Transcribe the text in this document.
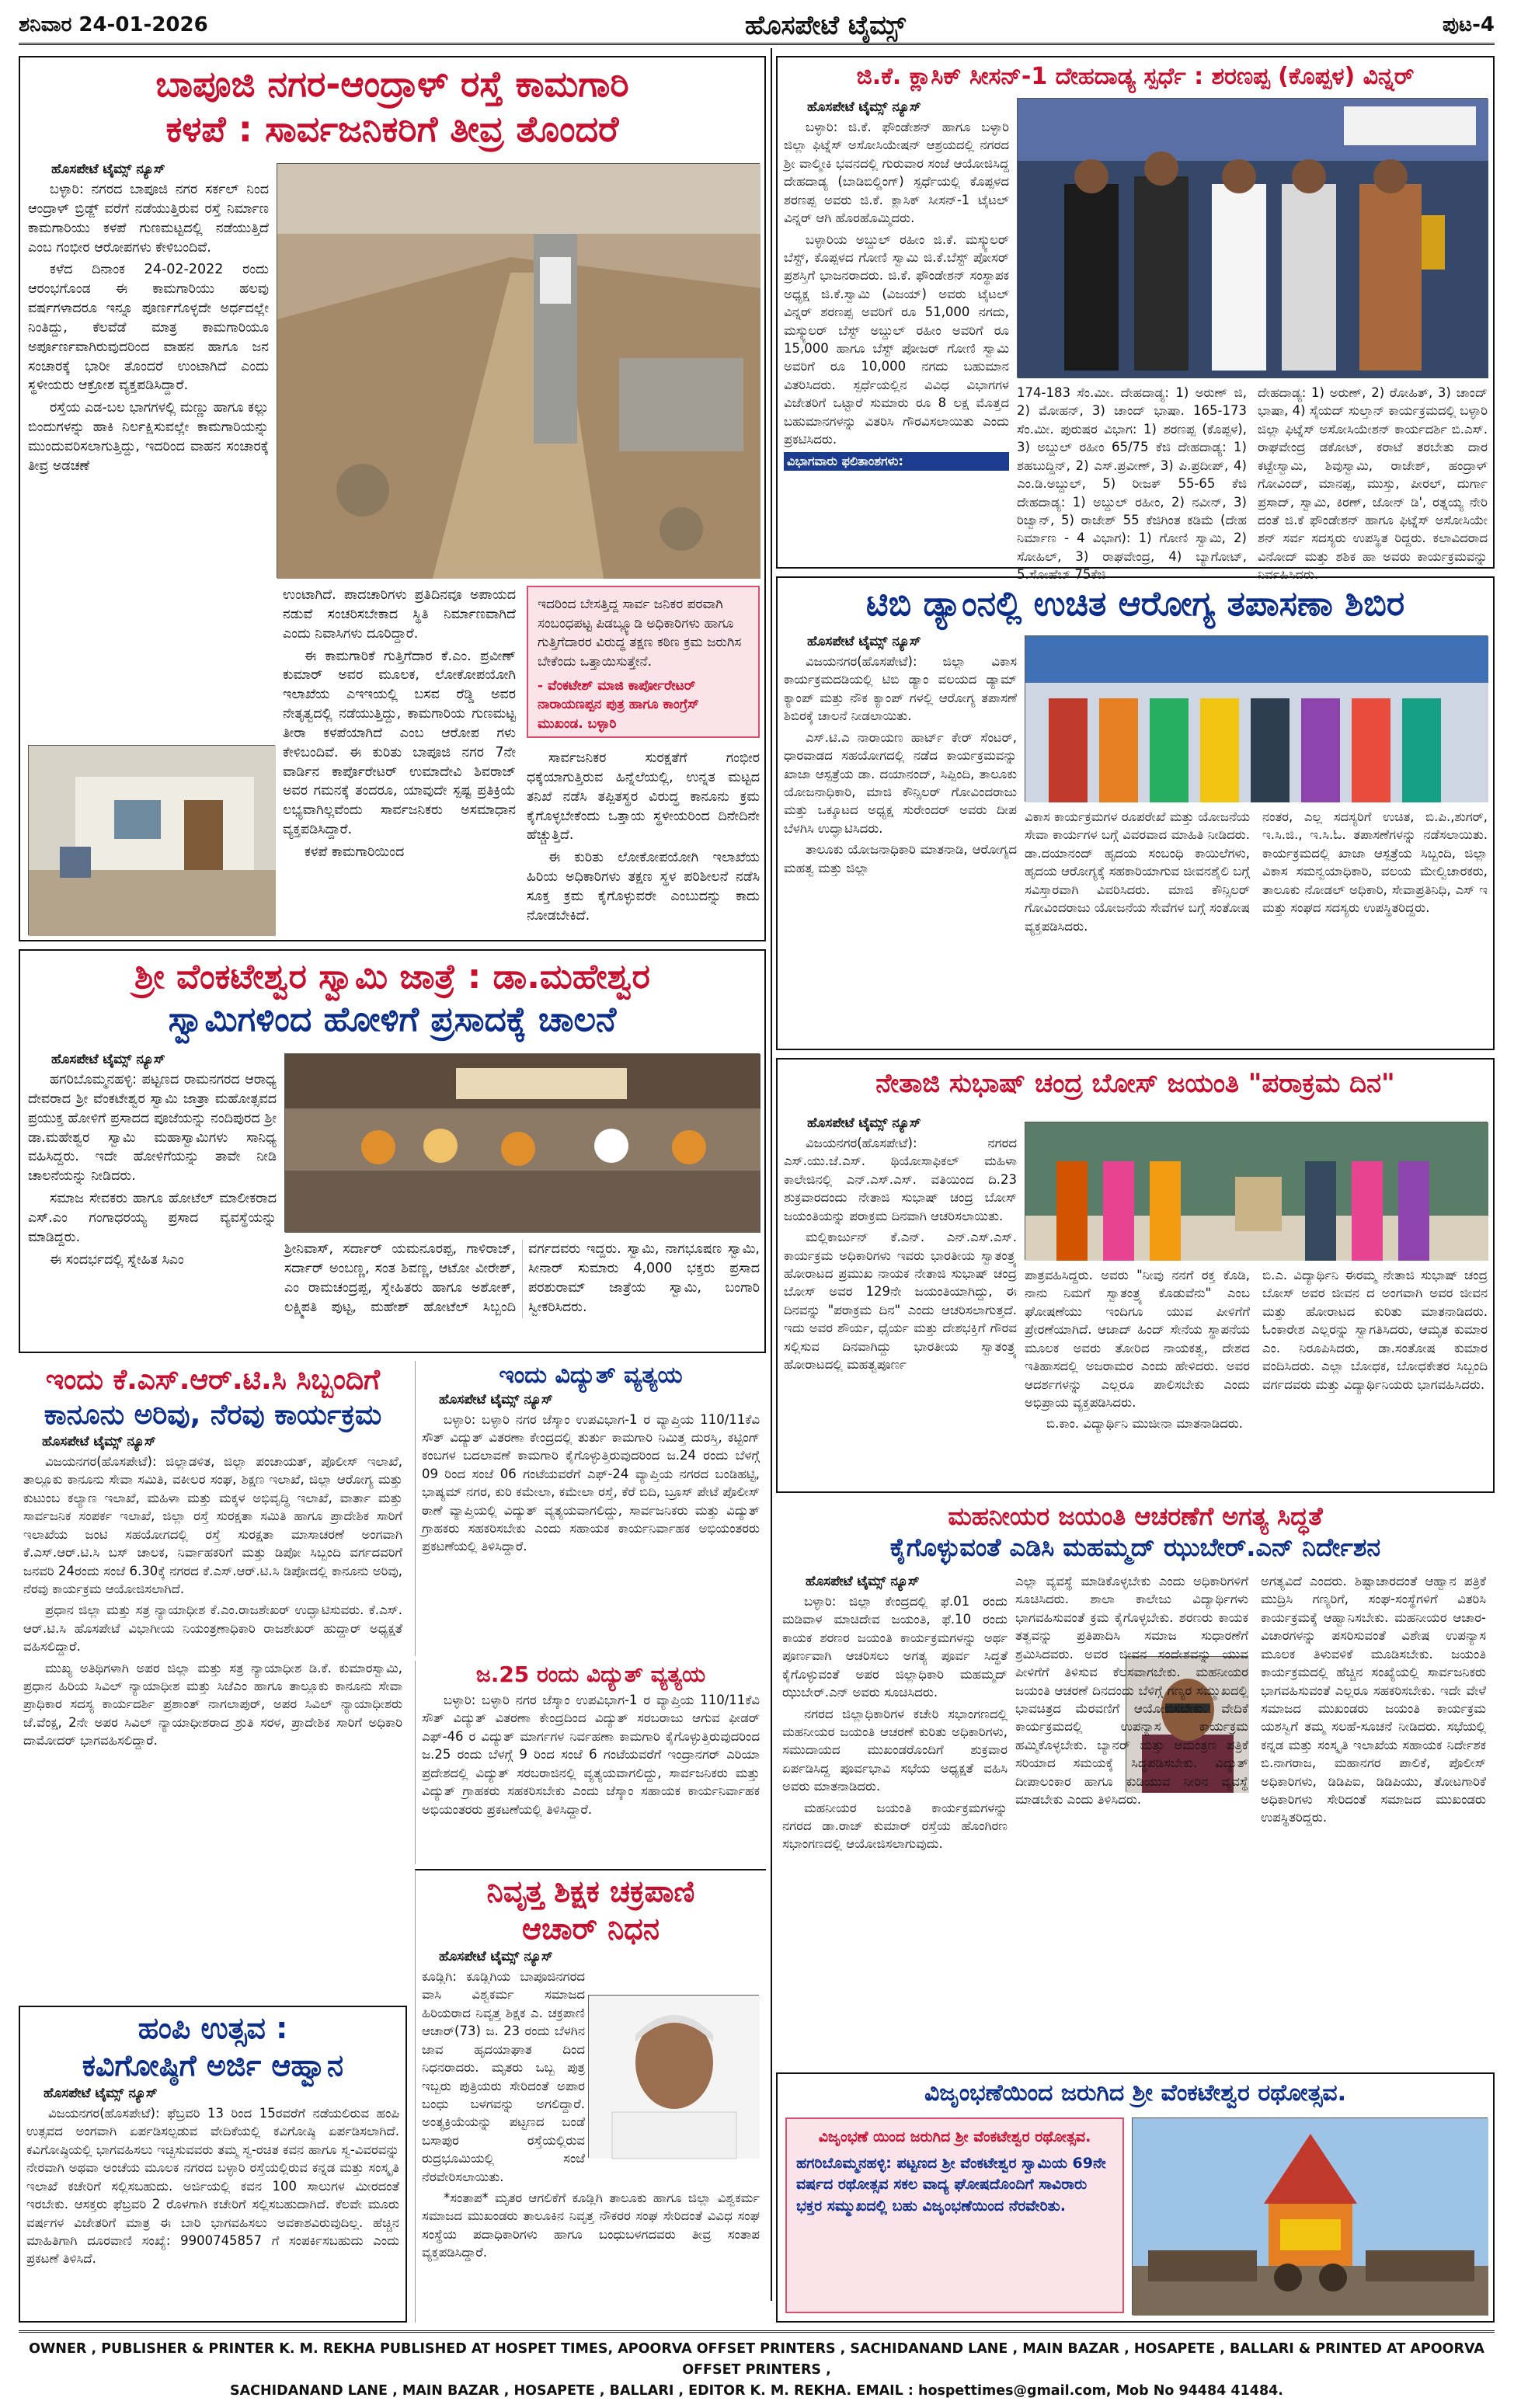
ಶನಿವಾರ 24-01-2026	ಹೊಸಪೇಟೆ ಟೈಮ್ಸ್	ಪುಟ-4
ಬಾಪೂಜಿ ನಗರ-ಆಂದ್ರಾಳ್ ರಸ್ತೆ ಕಾಮಗಾರಿ
ಕಳಪೆ : ಸಾರ್ವಜನಿಕರಿಗೆ ತೀವ್ರ ತೊಂದರೆ
ಹೊಸಪೇಟೆ ಟೈಮ್ಸ್ ನ್ಯೂಸ್

ಬಳ್ಳಾರಿ: ನಗರದ ಬಾಪೂಜಿ ನಗರ ಸರ್ಕಲ್ ನಿಂದ ಆಂದ್ರಾಳ್ ಬ್ರಿಡ್ಜ್ ವರೆಗೆ ನಡೆಯುತ್ತಿರುವ ರಸ್ತೆ ನಿರ್ಮಾಣ ಕಾಮಗಾರಿಯು ಕಳಪೆ ಗುಣಮಟ್ಟದಲ್ಲಿ ನಡೆಯುತ್ತಿದೆ ಎಂಬ ಗಂಭೀರ ಆರೋಪಗಳು ಕೇಳಿಬಂದಿವೆ.

ಕಳೆದ ದಿನಾಂಕ 24-02-2022 ರಂದು ಆರಂಭಗೊಂಡ ಈ ಕಾಮಗಾರಿಯು ಹಲವು ವರ್ಷಗಳಾದರೂ ಇನ್ನೂ ಪೂರ್ಣಗೊಳ್ಳದೇ ಅರ್ಧದಲ್ಲೇ ನಿಂತಿದ್ದು, ಕೆಲವೆಡೆ ಮಾತ್ರ ಕಾಮಗಾರಿಯೂ ಅರ್ಪೂರ್ಣವಾಗಿರುವುದರಿಂದ ವಾಹನ ಹಾಗೂ ಜನ ಸಂಚಾರಕ್ಕೆ ಭಾರೀ ತೊಂದರೆ ಉಂಟಾಗಿದೆ ಎಂದು ಸ್ಥಳೀಯರು ಆಕ್ರೋಶ ವ್ಯಕ್ತಪಡಿಸಿದ್ದಾರೆ.

ರಸ್ತೆಯ ಎಡ-ಬಲ ಭಾಗಗಳಲ್ಲಿ ಮಣ್ಣು ಹಾಗೂ ಕಲ್ಲು ಬಿಂದುಗಳನ್ನು ಹಾಕಿ ನಿರ್ಲಕ್ಷಿಸುವಲ್ಲೇ ಕಾಮಗಾರಿಯನ್ನು ಮುಂದುವರಿಸಲಾಗುತ್ತಿದ್ದು, ಇದರಿಂದ ವಾಹನ ಸಂಚಾರಕ್ಕೆ ತೀವ್ರ ಅಡಚಣೆ

ಉಂಟಾಗಿದೆ. ಪಾದಚಾರಿಗಳು ಪ್ರತಿದಿನವೂ ಅಪಾಯದ ನಡುವೆ ಸಂಚರಿಸಬೇಕಾದ ಸ್ಥಿತಿ ನಿರ್ಮಾಣವಾಗಿದೆ ಎಂದು ನಿವಾಸಿಗಳು ದೂರಿದ್ದಾರೆ.

ಈ ಕಾಮಗಾರಿಕೆ ಗುತ್ತಿಗೆದಾರ ಕೆ.ಎಂ. ಪ್ರವೀಣ್ ಕುಮಾರ್ ಅವರ ಮೂಲಕ, ಲೋಕೋಪಯೋಗಿ ಇಲಾಖೆಯ ಎಇಇಯಲ್ಲಿ ಬಸವ ರೆಡ್ಡಿ ಅವರ ನೇತೃತ್ವದಲ್ಲಿ ನಡೆಯುತ್ತಿದ್ದು, ಕಾಮಗಾರಿಯ ಗುಣಮಟ್ಟ ತೀರಾ ಕಳಪೆಯಾಗಿದೆ ಎಂಬ ಆರೋಪ ಗಳು ಕೇಳಿಬಂದಿವೆ. ಈ ಕುರಿತು ಬಾಪೂಜಿ ನಗರ 7ನೇ ವಾರ್ಡಿನ ಕಾರ್ಪೊರೇಟರ್ ಉಮಾದೇವಿ ಶಿವರಾಜ್ ಅವರ ಗಮನಕ್ಕೆ ತಂದರೂ, ಯಾವುದೇ ಸ್ಪಷ್ಟ ಪ್ರತಿಕ್ರಿಯೆ ಲಭ್ಯವಾಗಿಲ್ಲವೆಂದು ಸಾರ್ವಜನಿಕರು ಅಸಮಾಧಾನ ವ್ಯಕ್ತಪಡಿಸಿದ್ದಾರೆ.

ಕಳಪೆ ಕಾಮಗಾರಿಯಿಂದ

ಇದರಿಂದ ಬೇಸತ್ತಿದ್ದ ಸಾರ್ವ ಜನಿಕರ ಪರವಾಗಿ ಸಂಬಂಧಪಟ್ಟ ಪಿಡಬ್ಲ್ಯೂಡಿ ಅಧಿಕಾರಿಗಳು ಹಾಗೂ ಗುತ್ತಿಗೆದಾರರ ವಿರುದ್ಧ ತಕ್ಷಣ ಕಠಿಣ ಕ್ರಮ ಜರುಗಿಸ ಬೇಕೆಂದು ಒತ್ತಾಯಿಸುತ್ತೇನೆ.
- ವೆಂಕಟೇಶ್ ಮಾಜಿ ಕಾರ್ಪೋರೇಟರ್ ನಾರಾಯಣಪ್ಪನ ಪುತ್ರ ಹಾಗೂ ಕಾಂಗ್ರೆಸ್ ಮುಖಂಡ. ಬಳ್ಳಾರಿ

ಸಾರ್ವಜನಿಕರ ಸುರಕ್ಷತೆಗೆ ಗಂಭೀರ ಧಕ್ಕೆಯಾಗುತ್ತಿರುವ ಹಿನ್ನೆಲೆಯಲ್ಲಿ, ಉನ್ನತ ಮಟ್ಟದ ತನಿಖೆ ನಡೆಸಿ ತಪ್ಪಿತಸ್ಥರ ವಿರುದ್ಧ ಕಾನೂನು ಕ್ರಮ ಕೈಗೊಳ್ಳಬೇಕೆಂದು ಒತ್ತಾಯ ಸ್ಥಳೀಯರಿಂದ ದಿನೇದಿನೇ ಹೆಚ್ಚುತ್ತಿದೆ.

ಈ ಕುರಿತು ಲೋಕೋಪಯೋಗಿ ಇಲಾಖೆಯ ಹಿರಿಯ ಅಧಿಕಾರಿಗಳು ತಕ್ಷಣ ಸ್ಥಳ ಪರಿಶೀಲನೆ ನಡೆಸಿ ಸೂಕ್ತ ಕ್ರಮ ಕೈಗೊಳ್ಳುವರೇ ಎಂಬುದನ್ನು ಕಾದು ನೋಡಬೇಕಿದೆ.

ಶ್ರೀ ವೆಂಕಟೇಶ್ವರ ಸ್ವಾಮಿ ಜಾತ್ರೆ : ಡಾ.ಮಹೇಶ್ವರ
ಸ್ವಾಮಿಗಳಿಂದ ಹೋಳಿಗೆ ಪ್ರಸಾದಕ್ಕೆ ಚಾಲನೆ
ಹೊಸಪೇಟೆ ಟೈಮ್ಸ್ ನ್ಯೂಸ್

ಹಗರಿಬೊಮ್ಮನಹಳ್ಳಿ: ಪಟ್ಟಣದ ರಾಮನಗರದ ಆರಾಧ್ಯ ದೇವರಾದ ಶ್ರೀ ವೆಂಕಟೇಶ್ವರ ಸ್ವಾಮಿ ಜಾತ್ರಾ ಮಹೋತ್ಸವದ ಪ್ರಯುಕ್ತ ಹೋಳಿಗೆ ಪ್ರಸಾದದ ಪೂಜೆಯನ್ನು ನಂದಿಪುರದ ಶ್ರೀ ಡಾ.ಮಹೇಶ್ವರ ಸ್ವಾಮಿ ಮಹಾಸ್ವಾಮಿಗಳು ಸಾನಿಧ್ಯ ವಹಿಸಿದ್ದರು. ಇದೇ ಹೋಳಿಗೆಯನ್ನು ತಾವೇ ನೀಡಿ ಚಾಲನೆಯನ್ನು ನೀಡಿದರು.

ಸಮಾಜ ಸೇವಕರು ಹಾಗೂ ಹೋಟೆಲ್ ಮಾಲೀಕರಾದ ಎಸ್.ಎಂ ಗಂಗಾಧರಯ್ಯ ಪ್ರಸಾದ ವ್ಯವಸ್ಥೆಯನ್ನು ಮಾಡಿದ್ದರು.

ಈ ಸಂದರ್ಭದಲ್ಲಿ ಸ್ನೇಹಿತ ಸಿಎಂ

ಶ್ರೀನಿವಾಸ್, ಸರ್ದಾರ್ ಯಮನೂರಪ್ಪ, ಗಾಳಿರಾಜ್, ಸರ್ದಾರ್ ಅಂಬಣ್ಣ, ಸಂತ ಶಿವಣ್ಣ, ಆಟೋ ವೀರೇಶ್, ಎಂ ರಾಮಚಂದ್ರಪ್ಪ, ಸ್ನೇಹಿತರು ಹಾಗೂ ಅಶೋಕ್, ಲಕ್ಷ್ಮಿಪತಿ ಪುಟ್ಟ, ಮಹೇಶ್ ಹೋಟೆಲ್ ಸಿಬ್ಬಂದಿ ವರ್ಗದವರು ಇದ್ದರು. ಸ್ವಾಮಿ, ನಾಗಭೂಷಣ ಸ್ವಾಮಿ, ಸೀನಾರ್ ಸುಮಾರು 4,000 ಭಕ್ತರು ಪ್ರಸಾದ ಪರಶುರಾಮ್ ಜಾತ್ರೆಯ ಸ್ವಾಮಿ, ಬಂಗಾರಿ ಸ್ವೀಕರಿಸಿದರು.

ಇಂದು ಕೆ.ಎಸ್.ಆರ್.ಟಿ.ಸಿ ಸಿಬ್ಬಂದಿಗೆ
ಕಾನೂನು ಅರಿವು, ನೆರವು ಕಾರ್ಯಕ್ರಮ
ಹೊಸಪೇಟೆ ಟೈಮ್ಸ್ ನ್ಯೂಸ್

ವಿಜಯನಗರ(ಹೊಸಪೇಟೆ): ಜಿಲ್ಲಾಡಳಿತ, ಜಿಲ್ಲಾ ಪಂಚಾಯತ್, ಪೊಲೀಸ್ ಇಲಾಖೆ, ತಾಲ್ಲೂಕು ಕಾನೂನು ಸೇವಾ ಸಮಿತಿ, ವಕೀಲರ ಸಂಘ, ಶಿಕ್ಷಣ ಇಲಾಖೆ, ಜಿಲ್ಲಾ ಆರೋಗ್ಯ ಮತ್ತು ಕುಟುಂಬ ಕಲ್ಯಾಣ ಇಲಾಖೆ, ಮಹಿಳಾ ಮತ್ತು ಮಕ್ಕಳ ಅಭಿವೃದ್ಧಿ ಇಲಾಖೆ, ವಾರ್ತಾ ಮತ್ತು ಸಾರ್ವಜನಿಕ ಸಂಪರ್ಕ ಇಲಾಖೆ, ಜಿಲ್ಲಾ ರಸ್ತೆ ಸುರಕ್ಷತಾ ಸಮಿತಿ ಹಾಗೂ ಪ್ರಾದೇಶಿಕ ಸಾರಿಗೆ ಇಲಾಖೆಯ ಜಂಟಿ ಸಹಯೋಗದಲ್ಲಿ ರಸ್ತೆ ಸುರಕ್ಷತಾ ಮಾಸಾಚರಣೆ ಅಂಗವಾಗಿ ಕೆ.ಎಸ್.ಆರ್.ಟಿ.ಸಿ ಬಸ್ ಚಾಲಕ, ನಿರ್ವಾಹಕರಿಗೆ ಮತ್ತು ಡಿಪೋ ಸಿಬ್ಬಂದಿ ವರ್ಗದವರಿಗೆ ಜನವರಿ 24ರಂದು ಸಂಜೆ 6.30ಕ್ಕೆ ನಗರದ ಕೆ.ಎಸ್.ಆರ್.ಟಿ.ಸಿ ಡಿಪೋದಲ್ಲಿ ಕಾನೂನು ಅರಿವು, ನೆರವು ಕಾರ್ಯಕ್ರಮ ಆಯೋಜಿಸಲಾಗಿದೆ.

ಪ್ರಧಾನ ಜಿಲ್ಲಾ ಮತ್ತು ಸತ್ರ ನ್ಯಾಯಾಧೀಶ ಕೆ.ಎಂ.ರಾಜಶೇಖರ್ ಉದ್ಘಾಟಿಸುವರು. ಕೆ.ಎಸ್. ಆರ್.ಟಿ.ಸಿ ಹೊಸಪೇಟೆ ವಿಭಾಗೀಯ ನಿಯಂತ್ರಣಾಧಿಕಾರಿ ರಾಜಶೇಖರ್ ಹುದ್ದಾರ್ ಅಧ್ಯಕ್ಷತೆ ವಹಿಸಲಿದ್ದಾರೆ.

ಮುಖ್ಯ ಅತಿಥಿಗಳಾಗಿ ಅಪರ ಜಿಲ್ಲಾ ಮತ್ತು ಸತ್ರ ನ್ಯಾಯಾಧೀಶ ಡಿ.ಕೆ. ಕುಮಾರಸ್ವಾಮಿ, ಪ್ರಧಾನ ಹಿರಿಯ ಸಿವಿಲ್ ನ್ಯಾಯಾಧೀಶ ಮತ್ತು ಸಿಜೆಎಂ ಹಾಗೂ ತಾಲ್ಲೂಕು ಕಾನೂನು ಸೇವಾ ಪ್ರಾಧಿಕಾರ ಸದಸ್ಯ ಕಾರ್ಯದರ್ಶಿ ಪ್ರಶಾಂತ್ ನಾಗಲಾಪುರ್, ಅಪರ ಸಿವಿಲ್ ನ್ಯಾಯಾಧೀಶರು ಜೆ.ವೆಂಕ್ಷ, 2ನೇ ಅಪರ ಸಿವಿಲ್ ನ್ಯಾಯಾಧೀಶರಾದ ಶ್ರುತಿ ಸರಳ, ಪ್ರಾದೇಶಿಕ ಸಾರಿಗೆ ಅಧಿಕಾರಿ ದಾಮೋದರ್ ಭಾಗವಹಿಸಲಿದ್ದಾರೆ.

ಹಂಪಿ ಉತ್ಸವ :
ಕವಿಗೋಷ್ಠಿಗೆ ಅರ್ಜಿ ಆಹ್ವಾನ
ಹೊಸಪೇಟೆ ಟೈಮ್ಸ್ ನ್ಯೂಸ್

ವಿಜಯನಗರ(ಹೊಸಪೇಟೆ): ಫೆಬ್ರವರಿ 13 ರಿಂದ 15ರವರೆಗೆ ನಡೆಯಲಿರುವ ಹಂಪಿ ಉತ್ಸವದ ಅಂಗವಾಗಿ ಏರ್ಪಡಿಸಲ್ಪಡುವ ವೇದಿಕೆಯಲ್ಲಿ ಕವಿಗೋಷ್ಠಿ ಏರ್ಪಡಿಸಲಾಗಿದೆ. ಕವಿಗೋಷ್ಠಿಯಲ್ಲಿ ಭಾಗವಹಿಸಲು ಇಚ್ಛಿಸುವವರು ತಮ್ಮ ಸ್ವ-ರಚಿತ ಕವನ ಹಾಗೂ ಸ್ವ-ವಿವರವನ್ನು ನೇರವಾಗಿ ಅಥವಾ ಅಂಚೆಯ ಮೂಲಕ ನಗರದ ಬಳ್ಳಾರಿ ರಸ್ತೆಯಲ್ಲಿರುವ ಕನ್ನಡ ಮತ್ತು ಸಂಸ್ಕೃತಿ ಇಲಾಖೆ ಕಚೇರಿಗೆ ಸಲ್ಲಿಸಬಹುದು. ಅರ್ಜಿಯಲ್ಲಿ ಕವನ 100 ಸಾಲುಗಳ ಮೀರದಂತೆ ಇರಬೇಕು. ಆಸಕ್ತರು ಫೆಬ್ರವರಿ 2 ರೊಳಗಾಗಿ ಕಚೇರಿಗೆ ಸಲ್ಲಿಸಬಹುದಾಗಿದೆ. ಕೆಲವೇ ಮೂರು ವರ್ಷಗಳ ವಿಜೇತರಿಗೆ ಮಾತ್ರ ಈ ಬಾರಿ ಭಾಗವಹಿಸಲು ಅವಕಾಶವಿರುವುದಿಲ್ಲ. ಹೆಚ್ಚಿನ ಮಾಹಿತಿಗಾಗಿ ದೂರವಾಣಿ ಸಂಖ್ಯೆ: 9900745857 ಗೆ ಸಂಪರ್ಕಿಸಬಹುದು ಎಂದು ಪ್ರಕಟಣೆ ತಿಳಿಸಿದೆ.

ಇಂದು ವಿದ್ಯುತ್ ವ್ಯತ್ಯಯ
ಹೊಸಪೇಟೆ ಟೈಮ್ಸ್ ನ್ಯೂಸ್

ಬಳ್ಳಾರಿ: ಬಳ್ಳಾರಿ ನಗರ ಜೆಸ್ಕಾಂ ಉಪವಿಭಾಗ-1 ರ ವ್ಯಾಪ್ತಿಯ 110/11ಕೆವಿ ಸೌತ್ ವಿದ್ಯುತ್ ವಿತರಣಾ ಕೇಂದ್ರದಲ್ಲಿ ತುರ್ತು ಕಾಮಗಾರಿ ನಿಮಿತ್ತ ದುರಸ್ತಿ, ಕಟ್ಟಿಂಗ್ ಕಂಬಗಳ ಬದಲಾವಣೆ ಕಾಮಗಾರಿ ಕೈಗೊಳ್ಳುತ್ತಿರುವುದರಿಂದ ಜ.24 ರಂದು ಬೆಳಗ್ಗೆ 09 ರಿಂದ ಸಂಜೆ 06 ಗಂಟೆಯವರೆಗೆ ಎಫ್-24 ವ್ಯಾಪ್ತಿಯ ನಗರದ ಬಂಡಿಹಟ್ಟಿ, ಭಾಷ್ಯಮ್ ನಗರ, ಕುರಿ ಕಮೇಲಾ, ಕಮೇಲಾ ರಸ್ತೆ, ಕೆರೆ ಬಿದಿ, ಬ್ರೂಸ್ ಪೇಟೆ ಪೊಲೀಸ್ ಠಾಣೆ ವ್ಯಾಪ್ತಿಯಲ್ಲಿ ವಿದ್ಯುತ್ ವ್ಯತ್ಯಯವಾಗಲಿದ್ದು, ಸಾರ್ವಜನಿಕರು ಮತ್ತು ವಿದ್ಯುತ್ ಗ್ರಾಹಕರು ಸಹಕರಿಸಬೇಕು ಎಂದು ಸಹಾಯಕ ಕಾರ್ಯನಿರ್ವಾಹಕ ಅಭಿಯಂತರರು ಪ್ರಕಟಣೆಯಲ್ಲಿ ತಿಳಿಸಿದ್ದಾರೆ.

ಜ.25 ರಂದು ವಿದ್ಯುತ್ ವ್ಯತ್ಯಯ

ಬಳ್ಳಾರಿ: ಬಳ್ಳಾರಿ ನಗರ ಜೆಸ್ಕಾಂ ಉಪವಿಭಾಗ-1 ರ ವ್ಯಾಪ್ತಿಯ 110/11ಕೆವಿ ಸೌತ್ ವಿದ್ಯುತ್ ವಿತರಣಾ ಕೇಂದ್ರದಿಂದ ವಿದ್ಯುತ್ ಸರಬರಾಜು ಆಗುವ ಫೀಡರ್ ಎಫ್-46 ರ ವಿದ್ಯುತ್ ಮಾರ್ಗಗಳ ನಿರ್ವಹಣಾ ಕಾಮಗಾರಿ ಕೈಗೊಳ್ಳುತ್ತಿರುವುದರಿಂದ ಜ.25 ರಂದು ಬೆಳಗ್ಗೆ 9 ರಿಂದ ಸಂಜೆ 6 ಗಂಟೆಯವರೆಗೆ ಇಂದ್ರಾನಗರ್ ಎರಿಯಾ ಪ್ರದೇಶದಲ್ಲಿ ವಿದ್ಯುತ್ ಸರಬರಾಜಿನಲ್ಲಿ ವ್ಯತ್ಯಯವಾಗಲಿದ್ದು, ಸಾರ್ವಜನಿಕರು ಮತ್ತು ವಿದ್ಯುತ್ ಗ್ರಾಹಕರು ಸಹಕರಿಸಬೇಕು ಎಂದು ಜೆಸ್ಕಾಂ ಸಹಾಯಕ ಕಾರ್ಯನಿರ್ವಾಹಕ ಅಭಿಯಂತರರು ಪ್ರಕಟಣೆಯಲ್ಲಿ ತಿಳಿಸಿದ್ದಾರೆ.

ನಿವೃತ್ತ ಶಿಕ್ಷಕ ಚಕ್ರಪಾಣಿ
ಆಚಾರ್ ನಿಧನ
ಹೊಸಪೇಟೆ ಟೈಮ್ಸ್ ನ್ಯೂಸ್

ಕೂಡ್ಲಿಗಿ: ಕೂಡ್ಲಿಗಿಯ ಬಾಪೂಜಿನಗರದ ವಾಸಿ ವಿಶ್ವಕರ್ಮ ಸಮಾಜದ ಹಿರಿಯರಾದ ನಿವೃತ್ತ ಶಿಕ್ಷಕ ಎ. ಚಕ್ರಪಾಣಿ ಆಚಾರ್(73) ಜ. 23 ರಂದು ಬೆಳಗಿನ ಜಾವ ಹೃದಯಾಘಾತ ದಿಂದ ನಿಧನರಾದರು. ಮೃತರು ಒಬ್ಬ ಪುತ್ರ ಇಬ್ಬರು ಪುತ್ರಿಯರು ಸೇರಿದಂತೆ ಅಪಾರ ಬಂಧು ಬಳಗವನ್ನು ಅಗಲಿದ್ದಾರೆ. ಅಂತ್ಯಕ್ರಿಯೆಯನ್ನು ಪಟ್ಟಣದ ಬಂಡೆ ಬಸಾಪುರ ರಸ್ತೆಯಲ್ಲಿರುವ ರುದ್ರಭೂಮಿಯಲ್ಲಿ ಸಂಜೆ ನೆರವೇರಿಸಲಾಯಿತು.

*ಸಂತಾಪ* ಮೃತರ ಆಗಲಿಕೆಗೆ ಕೂಡ್ಲಿಗಿ ತಾಲೂಕು ಹಾಗೂ ಜಿಲ್ಲಾ ವಿಶ್ವಕರ್ಮ ಸಮಾಜದ ಮುಖಂಡರು ತಾಲೂಕಿನ ನಿವೃತ್ತ ನೌಕರರ ಸಂಘ ಸೇರಿದಂತೆ ವಿವಿಧ ಸಂಘ ಸಂಸ್ಥೆಯ ಪದಾಧಿಕಾರಿಗಳು ಹಾಗೂ ಬಂಧುಬಳಗದವರು ತೀವ್ರ ಸಂತಾಪ ವ್ಯಕ್ತಪಡಿಸಿದ್ದಾರೆ.

ಜಿ.ಕೆ. ಕ್ಲಾಸಿಕ್ ಸೀಸನ್-1 ದೇಹದಾಡ್ಯ ಸ್ಪರ್ಧೆ : ಶರಣಪ್ಪ (ಕೊಪ್ಪಳ) ವಿನ್ನರ್
ಹೊಸಪೇಟೆ ಟೈಮ್ಸ್ ನ್ಯೂಸ್

ಬಳ್ಳಾರಿ: ಜಿ.ಕೆ. ಫೌಂಡೇಶನ್ ಹಾಗೂ ಬಳ್ಳಾರಿ ಜಿಲ್ಲಾ ಫಿಟ್ನೆಸ್ ಅಸೋಸಿಯೇಷನ್ ಆಶ್ರಯದಲ್ಲಿ ನಗರದ ಶ್ರೀ ವಾಲ್ಮೀಕಿ ಭವನದಲ್ಲಿ ಗುರುವಾರ ಸಂಜೆ ಆಯೋಜಿಸಿದ್ದ ದೇಹದಾಡ್ಯ (ಬಾಡಿಬಿಲ್ಡಿಂಗ್) ಸ್ಪರ್ಧೆಯಲ್ಲಿ ಕೊಪ್ಪಳದ ಶರಣಪ್ಪ ಅವರು ಜಿ.ಕೆ. ಕ್ಲಾಸಿಕ್ ಸೀಸನ್-1 ಟೈಟಲ್ ವಿನ್ನರ್ ಆಗಿ ಹೊರಹೊಮ್ಮಿದರು.

ಬಳ್ಳಾರಿಯ ಅಬ್ದುಲ್ ರಹೀಂ ಜಿ.ಕೆ. ಮಸ್ಕ್ಯುಲರ್ ಬೆಸ್ಟ್, ಕೊಪ್ಪಳದ ಗೋಣಿ ಸ್ವಾಮಿ ಜಿ.ಕೆ.ಬೆಸ್ಟ್ ಪೋಸರ್ ಪ್ರಶಸ್ತಿಗೆ ಭಾಜನರಾದರು. ಜಿ.ಕೆ. ಫೌಂಡೇಶನ್ ಸಂಸ್ಥಾಪಕ ಅಧ್ಯಕ್ಷ ಜಿ.ಕೆ.ಸ್ವಾಮಿ (ವಿಜಯ್) ಅವರು ಟೈಟಲ್ ವಿನ್ನರ್ ಶರಣಪ್ಪ ಅವರಿಗೆ ರೂ 51,000 ನಗದು, ಮಸ್ಕ್ಯುಲರ್ ಬೆಸ್ಟ್ ಅಬ್ದುಲ್ ರಹೀಂ ಅವರಿಗೆ ರೂ 15,000 ಹಾಗೂ ಬೆಸ್ಟ್ ಪೋಜರ್ ಗೋಣಿ ಸ್ವಾಮಿ ಅವರಿಗೆ ರೂ 10,000 ನಗದು ಬಹುಮಾನ ವಿತರಿಸಿದರು. ಸ್ಪರ್ಧೆಯಲ್ಲಿನ ವಿವಿಧ ವಿಭಾಗಗಳ ವಿಜೇತರಿಗೆ ಒಟ್ಟಾರೆ ಸುಮಾರು ರೂ 8 ಲಕ್ಷ ಮೊತ್ತದ ಬಹುಮಾನಗಳನ್ನು ವಿತರಿಸಿ ಗೌರವಿಸಲಾಯಿತು ಎಂದು ಪ್ರಕಟಿಸಿದರು.

ವಿಭಾಗವಾರು ಫಲಿತಾಂಶಗಳು:

174-183 ಸೆಂ.ಮೀ. ದೇಹದಾಡ್ಯ: 1) ಅರುಣ್ ಜಿ, 2) ಮೋಹನ್, 3) ಚಾಂದ್ ಭಾಷಾ. 165-173 ಸೆಂ.ಮೀ. ಪುರುಷರ ವಿಭಾಗ: 1) ಶರಣಪ್ಪ (ಕೊಪ್ಪಳ), 3) ಅಬ್ದುಲ್ ರಹೀಂ 65/75 ಕೆಜಿ ದೇಹದಾಡ್ಯ: 1) ಶಹಬುದ್ದಿನ್, 2) ಎಸ್.ಪ್ರವೀಣ್, 3) ಪಿ.ಪ್ರದೀಪ್, 4) ಎಂ.ಡಿ.ಅಬ್ದುಲ್, 5) ರೀಜಕ್ 55-65 ಕೆಜಿ ದೇಹದಾಡ್ಯ: 1) ಅಬ್ದುಲ್ ರಹೀಂ, 2) ನವೀನ್, 3) ರಿಜ್ವಾನ್, 5) ರಾಜೇಶ್ 55 ಕೆಜಿಗಿಂತ ಕಡಿಮೆ (ದೇಹ ನಿರ್ಮಾಣ - 4 ವಿಭಾಗ): 1) ಗೋಣಿ ಸ್ವಾಮಿ, 2) ಸೋಹಿಲ್, 3) ರಾಘವೇಂದ್ರ, 4) ಬ್ಯಾಗೋಟ್, 5.ಸೋಹೆಬ್ 75ಕೆಜಿ

ದೇಹದಾಡ್ಯ: 1) ಅರುಣ್, 2) ರೋಹಿತ್, 3) ಚಾಂದ್ ಭಾಷಾ, 4) ಸೈಯದ್ ಸುಲ್ತಾನ್ ಕಾರ್ಯಕ್ರಮದಲ್ಲಿ ಬಳ್ಳಾರಿ ಜಿಲ್ಲಾ ಫಿಟ್ನೆಸ್ ಅಸೋಸಿಯೇಶನ್ ಕಾರ್ಯದರ್ಶಿ ಬಿ.ಎಸ್. ರಾಘವೇಂದ್ರ ಡಕೋಟ್, ಕರಾಟೆ ತರಬೇತು ದಾರ ಕಟ್ಟೇಸ್ವಾಮಿ, ಶಿವುಸ್ವಾಮಿ, ರಾಜೇಶ್, ಹಂದ್ರಾಳ್ ಗೋವಿಂದ್, ಮಾನಪ್ಪ, ಮುಸ್ತು, ಪೀರಲ್, ದುರ್ಗಾ ಪ್ರಸಾದ್, ಸ್ವಾಮಿ, ಕಿರಣ್, ಜೋನ್ ಡಿ', ರತ್ನಯ್ಯ ನೇರಿ ದಂತೆ ಜಿ.ಕೆ ಫೌಂಡೇಶನ್ ಹಾಗೂ ಫಿಟ್ನೆಸ್ ಅಸೋಸಿಯೇ ಶನ್ ಸರ್ವ ಸದಸ್ಯರು ಉಪಸ್ಥಿತ ರಿದ್ದರು. ಕಲಾವಿದರಾದ ವಿನೋದ್ ಮತ್ತು ಶಶಿಕ ಹಾ ಅವರು ಕಾರ್ಯಕ್ರಮವನ್ನು ನಿರ್ವಹಿಸಿದರು.

ಟಿಬಿ ಡ್ಯಾಂನಲ್ಲಿ ಉಚಿತ ಆರೋಗ್ಯ ತಪಾಸಣಾ ಶಿಬಿರ
ಹೊಸಪೇಟೆ ಟೈಮ್ಸ್ ನ್ಯೂಸ್

ವಿಜಯನಗರ(ಹೊಸಪೇಟೆ): ಜಿಲ್ಲಾ ವಿಕಾಸ ಕಾರ್ಯಕ್ರಮದಡಿಯಲ್ಲಿ ಟಿಬಿ ಡ್ಯಾಂ ವಲಯದ ಡ್ಯಾಮ್ ಕ್ಯಾಂಪ್ ಮತ್ತು ನೌಕ ಕ್ಯಾಂಪ್ ಗಳಲ್ಲಿ ಆರೋಗ್ಯ ತಪಾಸಣೆ ಶಿಬಿರಕ್ಕೆ ಚಾಲನೆ ನೀಡಲಾಯಿತು.

ಎಸ್.ಟಿ.ಎ ನಾರಾಯಣ ಹಾರ್ಟ್ ಕೇರ್ ಸೆಂಟರ್, ಧಾರವಾಡದ ಸಹಯೋಗದಲ್ಲಿ ನಡೆದ ಕಾರ್ಯಕ್ರಮವನ್ನು ಖಾಜಾ ಆಸ್ಪತ್ರೆಯ ಡಾ. ದಯಾನಂದ್, ಸಿಪ್ಪಿಂದಿ, ತಾಲೂಕು ಯೋಜನಾಧಿಕಾರಿ, ಮಾಜಿ ಕೌನ್ಸಿಲರ್ ಗೋವಿಂದರಾಜು ಮತ್ತು ಒಕ್ಕೂಟದ ಅಧ್ಯಕ್ಷ ಸುರೇಂದರ್ ಅವರು ದೀಪ ಬೆಳಗಿಸಿ ಉದ್ಘಾಟಿಸಿದರು.

ತಾಲೂಕು ಯೋಜನಾಧಿಕಾರಿ ಮಾತನಾಡಿ, ಆರೋಗ್ಯದ ಮಹತ್ವ ಮತ್ತು ಜಿಲ್ಲಾ

ವಿಕಾಸ ಕಾರ್ಯಕ್ರಮಗಳ ರೂಪರೇಖೆ ಮತ್ತು ಯೋಜನೆಯ ಸೇವಾ ಕಾರ್ಯಗಳ ಬಗ್ಗೆ ವಿವರವಾದ ಮಾಹಿತಿ ನೀಡಿದರು. ಡಾ.ದಯಾನಂದ್ ಹೃದಯ ಸಂಬಂಧಿ ಕಾಯಿಲೆಗಳು, ಹೃದಯ ಆರೋಗ್ಯಕ್ಕೆ ಸಹಕಾರಿಯಾಗುವ ಜೀವನಶೈಲಿ ಬಗ್ಗೆ ಸವಿಸ್ತಾರವಾಗಿ ವಿವರಿಸಿದರು. ಮಾಜಿ ಕೌನ್ಸಿಲರ್ ಗೋವಿಂದರಾಜು ಯೋಜನೆಯ ಸೇವೆಗಳ ಬಗ್ಗೆ ಸಂತೋಷ ವ್ಯಕ್ತಪಡಿಸಿದರು.

ನಂತರ, ಎಲ್ಲ ಸದಸ್ಯರಿಗೆ ಉಚಿತ, ಬಿ.ಪಿ.,ಶುಗರ್, ಇ.ಸಿ.ಜಿ., ಇ.ಸಿ.ಓ. ತಪಾಸಣೆಗಳನ್ನು ನಡೆಸಲಾಯಿತು. ಕಾರ್ಯಕ್ರಮದಲ್ಲಿ ಖಾಜಾ ಆಸ್ಪತ್ರೆಯ ಸಿಬ್ಬಂದಿ, ಜಿಲ್ಲಾ ವಿಕಾಸ ಸಮನ್ವಯಾಧಿಕಾರಿ, ವಲಯ ಮೇಲ್ವಿಚಾರಕರು, ತಾಲೂಕು ನೋಡಲ್ ಅಧಿಕಾರಿ, ಸೇವಾಪ್ರತಿನಿಧಿ, ಎಸ್ ಇ ಮತ್ತು ಸಂಘದ ಸದಸ್ಯರು ಉಪಸ್ಥಿತರಿದ್ದರು.

ನೇತಾಜಿ ಸುಭಾಷ್ ಚಂದ್ರ ಬೋಸ್ ಜಯಂತಿ "ಪರಾಕ್ರಮ ದಿನ"
ಹೊಸಪೇಟೆ ಟೈಮ್ಸ್ ನ್ಯೂಸ್

ವಿಜಯನಗರ(ಹೊಸಪೇಟೆ): ನಗರದ ಎಸ್.ಯು.ಜೆ.ಎಸ್. ಥಿಯೋಸಾಫಿಕಲ್ ಮಹಿಳಾ ಕಾಲೇಜಿನಲ್ಲಿ ಎನ್.ಎಸ್.ಎಸ್. ವತಿಯಿಂದ ದಿ.23 ಶುಕ್ರವಾರದಂದು ನೇತಾಜಿ ಸುಭಾಷ್ ಚಂದ್ರ ಬೋಸ್ ಜಯಂತಿಯನ್ನು ಪರಾಕ್ರಮ ದಿನವಾಗಿ ಆಚರಿಸಲಾಯಿತು.

ಮಲ್ಲಿಕಾರ್ಜುನ್ ಕೆ.ಎನ್. ಎನ್.ಎಸ್.ಎಸ್. ಕಾರ್ಯಕ್ರಮ ಅಧಿಕಾರಿಗಳು ಇವರು ಭಾರತೀಯ ಸ್ವಾತಂತ್ರ್ಯ ಹೋರಾಟದ ಪ್ರಮುಖ ನಾಯಕ ನೇತಾಜಿ ಸುಭಾಷ್ ಚಂದ್ರ ಬೋಸ್ ಅವರ 129ನೇ ಜಯಂತಿಯಾಗಿದ್ದು, ಈ ದಿನವನ್ನು "ಪರಾಕ್ರಮ ದಿನ" ಎಂದು ಆಚರಿಸಲಾಗುತ್ತದೆ. ಇದು ಅವರ ಶೌರ್ಯ, ಧೈರ್ಯ ಮತ್ತು ದೇಶಭಕ್ತಿಗೆ ಗೌರವ ಸಲ್ಲಿಸುವ ದಿನವಾಗಿದ್ದು ಭಾರತೀಯ ಸ್ವಾತಂತ್ರ್ಯ ಹೋರಾಟದಲ್ಲಿ ಮಹತ್ವಪೂರ್ಣ

ಪಾತ್ರವಹಿಸಿದ್ದರು. ಅವರು "ನೀವು ನನಗೆ ರಕ್ತ ಕೊಡಿ, ನಾನು ನಿಮಗೆ ಸ್ವಾತಂತ್ರ್ಯ ಕೊಡುವೆನು" ಎಂಬ ಘೋಷಣೆಯು ಇಂದಿಗೂ ಯುವ ಪೀಳಿಗೆಗೆ ಪ್ರೇರಣೆಯಾಗಿದೆ. ಆಜಾದ್ ಹಿಂದ್ ಸೇನೆಯ ಸ್ಥಾಪನೆಯ ಮೂಲಕ ಅವರು ತೋರಿದ ನಾಯಕತ್ವ, ದೇಶದ ಇತಿಹಾಸದಲ್ಲಿ ಅಜರಾಮರ ಎಂದು ಹೇಳಿದರು. ಅವರ ಆದರ್ಶಗಳನ್ನು ಎಲ್ಲರೂ ಪಾಲಿಸಬೇಕು ಎಂದು ಅಭಿಪ್ರಾಯ ವ್ಯಕ್ತಪಡಿಸಿದರು.

ಬಿ.ಕಾಂ. ವಿದ್ಯಾರ್ಥಿನಿ ಮುಜೀನಾ ಮಾತನಾಡಿದರು.

ಬಿ.ಎ. ವಿದ್ಯಾರ್ಥಿನಿ ಈರಮ್ಮ ನೇತಾಜಿ ಸುಭಾಷ್ ಚಂದ್ರ ಬೋಸ್ ಅವರ ಜೀವನ ದ ಅಂಗವಾಗಿ ಅವರ ಜೀವನ ಮತ್ತು ಹೋರಾಟದ ಕುರಿತು ಮಾತನಾಡಿದರು. ಓಂಕಾರೇಶ ಎಲ್ಲರನ್ನು ಸ್ವಾಗತಿಸಿದರು, ಆಮೃತ ಕುಮಾರ ಎಂ. ನಿರೂಪಿಸಿದರು, ಡಾ.ಸಂತೋಷ ಕುಮಾರ ವಂದಿಸಿದರು. ಎಲ್ಲಾ ಬೋಧಕ, ಬೋಧಕೇತರ ಸಿಬ್ಬಂದಿ ವರ್ಗದವರು ಮತ್ತು ವಿದ್ಯಾರ್ಥಿನಿಯರು ಭಾಗವಹಿಸಿದರು.

ಮಹನೀಯರ ಜಯಂತಿ ಆಚರಣೆಗೆ ಅಗತ್ಯ ಸಿದ್ಧತೆ
ಕೈಗೊಳ್ಳುವಂತೆ ಎಡಿಸಿ ಮಹಮ್ಮದ್ ಝುಬೇರ್.ಎನ್ ನಿರ್ದೇಶನ
ಹೊಸಪೇಟೆ ಟೈಮ್ಸ್ ನ್ಯೂಸ್

ಬಳ್ಳಾರಿ: ಜಿಲ್ಲಾ ಕೇಂದ್ರದಲ್ಲಿ ಫೆ.01 ರಂದು ಮಡಿವಾಳ ಮಾಚಿದೇವ ಜಯಂತಿ, ಫೆ.10 ರಂದು ಕಾಯಕ ಶರಣರ ಜಯಂತಿ ಕಾರ್ಯಕ್ರಮಗಳನ್ನು ಅರ್ಥ ಪೂರ್ಣವಾಗಿ ಆಚರಿಸಲು ಅಗತ್ಯ ಪೂರ್ವ ಸಿದ್ಧತೆ ಕೈಗೊಳ್ಳುವಂತೆ ಅಪರ ಜಿಲ್ಲಾಧಿಕಾರಿ ಮಹಮ್ಮದ್ ಝುಬೇರ್.ಎನ್ ಅವರು ಸೂಚಿಸಿದರು.

ನಗರದ ಜಿಲ್ಲಾಧಿಕಾರಿಗಳ ಕಚೇರಿ ಸಭಾಂಗಣದಲ್ಲಿ ಮಹನೀಯರ ಜಯಂತಿ ಆಚರಣೆ ಕುರಿತು ಅಧಿಕಾರಿಗಳು, ಸಮುದಾಯದ ಮುಖಂಡರೊಂದಿಗೆ ಶುಕ್ರವಾರ ಏರ್ಪಡಿಸಿದ್ದ ಪೂರ್ವಭಾವಿ ಸಭೆಯ ಅಧ್ಯಕ್ಷತೆ ವಹಿಸಿ ಅವರು ಮಾತನಾಡಿದರು.

ಮಹನೀಯರ ಜಯಂತಿ ಕಾರ್ಯಕ್ರಮಗಳನ್ನು ನಗರದ ಡಾ.ರಾಜ್ ಕುಮಾರ್ ರಸ್ತೆಯ ಹೊಂಗಿರಣ ಸಭಾಂಗಣದಲ್ಲಿ ಆಯೋಜಿಸಲಾಗುವುದು.

ಎಲ್ಲಾ ವ್ಯವಸ್ಥೆ ಮಾಡಿಕೊಳ್ಳಬೇಕು ಎಂದು ಅಧಿಕಾರಿಗಳಿಗೆ ಸೂಚಿಸಿದರು. ಶಾಲಾ ಕಾಲೇಜು ವಿದ್ಯಾರ್ಥಿಗಳು ಭಾಗವಹಿಸುವಂತೆ ಕ್ರಮ ಕೈಗೊಳ್ಳಬೇಕು. ಶರಣರು ಕಾಯಕ ತತ್ವವನ್ನು ಪ್ರತಿಪಾದಿಸಿ ಸಮಾಜ ಸುಧಾರಣೆಗೆ ಶ್ರಮಿಸಿದವರು. ಅವರ ಜೀವನ ಸಂದೇಶವನ್ನು ಯುವ ಪೀಳಿಗೆಗೆ ತಿಳಿಸುವ ಕೆಲಸವಾಗಬೇಕು. ಮಹನೀಯರ ಜಯಂತಿ ಆಚರಣೆ ದಿನದಂದು ಬೆಳಿಗ್ಗೆ ಗಣ್ಯರ ಸಮ್ಮುಖದಲ್ಲಿ ಭಾವಚಿತ್ರದ ಮೆರವಣಿಗೆ ಆಯೋಜಿಸಬೇಕು. ವೇದಿಕೆ ಕಾರ್ಯಕ್ರಮದಲ್ಲಿ ಉಪನ್ಯಾಸ ಕಾರ್ಯಕ್ರಮ ಹಮ್ಮಿಕೊಳ್ಳಬೇಕು. ಬ್ಯಾನರ್ ಮತ್ತು ಆಮಂತ್ರಣ ಪತ್ರಿಕೆ ಸರಿಯಾದ ಸಮಯಕ್ಕೆ ಸಿದ್ಧಪಡಿಸಬೇಕು. ವಿದ್ಯುತ್ ದೀಪಾಲಂಕಾರ ಹಾಗೂ ಕುಡಿಯುವ ನೀರಿನ ವ್ಯವಸ್ಥೆ ಮಾಡಬೇಕು ಎಂದು ತಿಳಿಸಿದರು.

ಅಗತ್ಯವಿದೆ ಎಂದರು. ಶಿಷ್ಟಾಚಾರದಂತೆ ಆಹ್ವಾನ ಪತ್ರಿಕೆ ಮುದ್ರಿಸಿ ಗಣ್ಯರಿಗೆ, ಸಂಘ-ಸಂಸ್ಥೆಗಳಿಗೆ ವಿತರಿಸಿ ಕಾರ್ಯಕ್ರಮಕ್ಕೆ ಆಹ್ವಾನಿಸಬೇಕು. ಮಹನೀಯರ ಆಚಾರ-ವಿಚಾರಗಳನ್ನು ಪಸರಿಸುವಂತೆ ವಿಶೇಷ ಉಪನ್ಯಾಸ ಮೂಲಕ ತಿಳುವಳಿಕೆ ಮೂಡಿಸಬೇಕು. ಜಯಂತಿ ಕಾರ್ಯಕ್ರಮದಲ್ಲಿ ಹೆಚ್ಚಿನ ಸಂಖ್ಯೆಯಲ್ಲಿ ಸಾರ್ವಜನಿಕರು ಭಾಗವಹಿಸುವಂತೆ ಎಲ್ಲರೂ ಸಹಕರಿಸಬೇಕು. ಇದೇ ವೇಳೆ ಸಮಾಜದ ಮುಖಂಡರು ಜಯಂತಿ ಕಾರ್ಯಕ್ರಮ ಯಶಸ್ವಿಗೆ ತಮ್ಮ ಸಲಹೆ-ಸೂಚನೆ ನೀಡಿದರು. ಸಭೆಯಲ್ಲಿ ಕನ್ನಡ ಮತ್ತು ಸಂಸ್ಕೃತಿ ಇಲಾಖೆಯ ಸಹಾಯಕ ನಿರ್ದೇಶಕ ಬಿ.ನಾಗರಾಜ, ಮಹಾನಗರ ಪಾಲಿಕೆ, ಪೊಲೀಸ್ ಅಧಿಕಾರಿಗಳು, ಡಿಡಿಪಿಐ, ಡಿಡಿಪಿಯು, ತೋಟಗಾರಿಕೆ ಅಧಿಕಾರಿಗಳು ಸೇರಿದಂತೆ ಸಮಾಜದ ಮುಖಂಡರು ಉಪಸ್ಥಿತರಿದ್ದರು.

ವಿಜೃಂಭಣೆಯಿಂದ ಜರುಗಿದ ಶ್ರೀ ವೆಂಕಟೇಶ್ವರ ರಥೋತ್ಸವ.
ವಿಜೃಂಭಣೆ ಯಿಂದ ಜರುಗಿದ ಶ್ರೀ ವೆಂಕಟೇಶ್ವರ ರಥೋತ್ಸವ.
ಹಗರಿಬೊಮ್ಮನಹಳ್ಳಿ: ಪಟ್ಟಣದ ಶ್ರೀ ವೆಂಕಟೇಶ್ವರ ಸ್ವಾಮಿಯ 69ನೇ ವರ್ಷದ ರಥೋತ್ಸವ ಸಕಲ ವಾದ್ಯ ಘೋಷದೊಂದಿಗೆ ಸಾವಿರಾರು ಭಕ್ತರ ಸಮ್ಮುಖದಲ್ಲಿ ಬಹು ವಿಜೃಂಭಣೆಯಿಂದ ನೆರವೇರಿತು.
OWNER , PUBLISHER & PRINTER K. M. REKHA PUBLISHED AT HOSPET TIMES, APOORVA OFFSET PRINTERS , SACHIDANAND LANE , MAIN BAZAR , HOSAPETE , BALLARI & PRINTED AT APOORVA OFFSET PRINTERS ,
SACHIDANAND LANE , MAIN BAZAR , HOSAPETE , BALLARI , EDITOR K. M. REKHA. EMAIL : hospettimes@gmail.com, Mob No 94484 41484.
